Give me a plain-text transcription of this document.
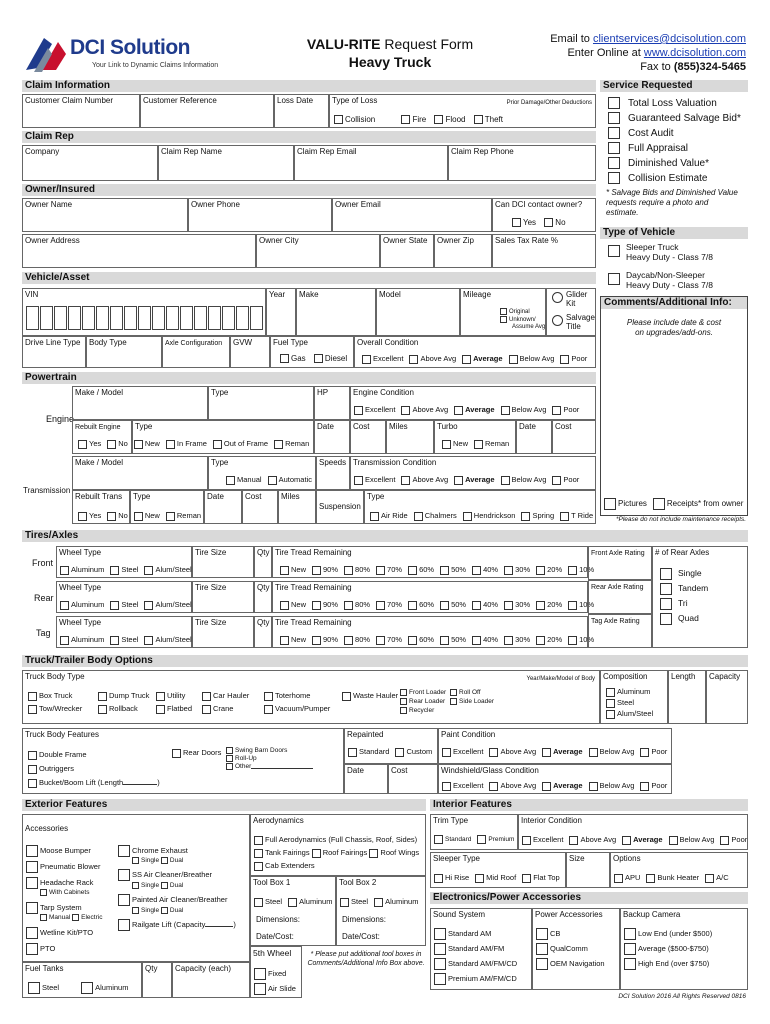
DCI Solution
Your Link to Dynamic Claims Information
VALU-RITE Request Form
Heavy Truck
Email to clientservices@dcisolution.com
Enter Online at www.dcisolution.com
Fax to (855)324-5465
Claim Information
Customer Claim Number	Customer Reference	Loss Date	Type of Loss	Prior Damage/Other Deductions
Collision	Fire Flood Theft
Claim Rep
Company	Claim Rep Name	Claim Rep Email	Claim Rep Phone
Owner/Insured
Owner Name	Owner Phone	Owner Email	Can DCI contact owner?
Yes No
Owner Address	Owner City	Owner State	Owner Zip	Sales Tax Rate %
Vehicle/Asset
VIN	Year	Make	Model	Mileage
Original
Unknown/
Assume Avg
Glider
Kit
Salvage
Title
Drive Line Type	Body Type	Axle Configuration	GVW	Fuel Type
Gas Diesel
Overall Condition
Excellent Above Avg Average Below Avg Poor
Powertrain
Engine
Make / Model	Type	HP	Engine Condition
Excellent Above Avg Average Below Avg Poor
Rebuilt Engine	Type
Yes No New In Frame Out of Frame Reman
Date	Cost	Miles	Turbo
New Reman
Date	Cost
Transmission
Make / Model	Type
Manual Automatic
Speeds Transmission Condition
Excellent Above Avg Average Below Avg Poor
Rebuilt Trans	Type
Yes No New Reman
Date	Cost	Miles
Suspension
Type
Air Ride Chalmers Hendrickson Spring T Ride
Service Requested
Total Loss Valuation
Guaranteed Salvage Bid*
Cost Audit
Full Appraisal
Diminished Value*
Collision Estimate
* Salvage Bids and Diminished Value requests require a photo and estimate.
Type of Vehicle
Sleeper Truck
Heavy Duty - Class 7/8
Daycab/Non-Sleeper
Heavy Duty - Class 7/8
Comments/Additional Info:
Please include date & cost
on upgrades/add-ons.
Pictures	Receipts* from owner
*Please do not include maintenance receipts.
Tires/Axles
Front
Wheel Type
Aluminum Steel Alum/Steel
Tire Size	Qty Tire Tread Remaining
New 90% 80% 70% 60% 50% 40% 30% 20% 10%
Front Axle Rating
Rear
Wheel Type
Aluminum Steel Alum/Steel
Tire Size	Qty Tire Tread Remaining
New 90% 80% 70% 60% 50% 40% 30% 20% 10%
Rear Axle Rating
Tag
Wheel Type
Aluminum Steel Alum/Steel
Tire Size	Qty Tire Tread Remaining
New 90% 80% 70% 60% 50% 40% 30% 20% 10%
Tag Axle Rating
# of Rear Axles
Single
Tandem
Tri
Quad
Truck/Trailer Body Options
Truck Body Type	Year/Make/Model of Body
Box Truck	Dump Truck Utility	Car Hauler	Toterhome	Waste Hauler
Tow/Wrecker	Rollback	Flatbed	Crane	Vacuum/Pumper
Front Loader Roll Off
Rear Loader Side Loader
Recycler
Composition
Aluminum
Steel
Alum/Steel
Length	Capacity
Truck Body Features
Double Frame
Outriggers
Bucket/Boom Lift (Length	)
Rear Doors	Swing Barn Doors
Roll-Up
Other
Repainted
Standard Custom
Date	Cost
Paint Condition
Excellent Above Avg Average Below Avg Poor
Windshield/Glass Condition
Excellent Above Avg Average Below Avg Poor
Exterior Features
Accessories
Moose Bumper
Pneumatic Blower
Headache Rack
With Cabinets
Tarp System
Manual Electric
Wetline Kit/PTO
PTO
Chrome Exhaust
Single Dual
SS Air Cleaner/Breather
Single Dual
Painted Air Cleaner/Breather
Single Dual
Railgate Lift (Capacity	)
Aerodynamics
Full Aerodynamics (Full Chassis, Roof, Sides)
Tank Fairings Roof Fairings Roof Wings
Cab Extenders
Tool Box 1
Steel Aluminum
Dimensions:
Date/Cost:
Tool Box 2
Steel Aluminum
Dimensions:
Date/Cost:
Fuel Tanks
Steel	Aluminum
Qty	Capacity (each)
5th Wheel
Fixed
Air Slide
* Please put additional tool boxes in Comments/Additional Info Box above.
Interior Features
Trim Type
Standard	Premium
Interior Condition
Excellent Above Avg Average Below Avg Poor
Sleeper Type
Hi Rise Mid Roof Flat Top
Size	Options
APU Bunk Heater A/C
Electronics/Power Accessories
Sound System
Standard AM
Standard AM/FM
Standard AM/FM/CD
Premium AM/FM/CD
Power Accessories
CB
QualComm
OEM Navigation
Backup Camera
Low End (under $500)
Average ($500-$750)
High End (over $750)
DCI Solution 2016 All Rights Reserved 0816
